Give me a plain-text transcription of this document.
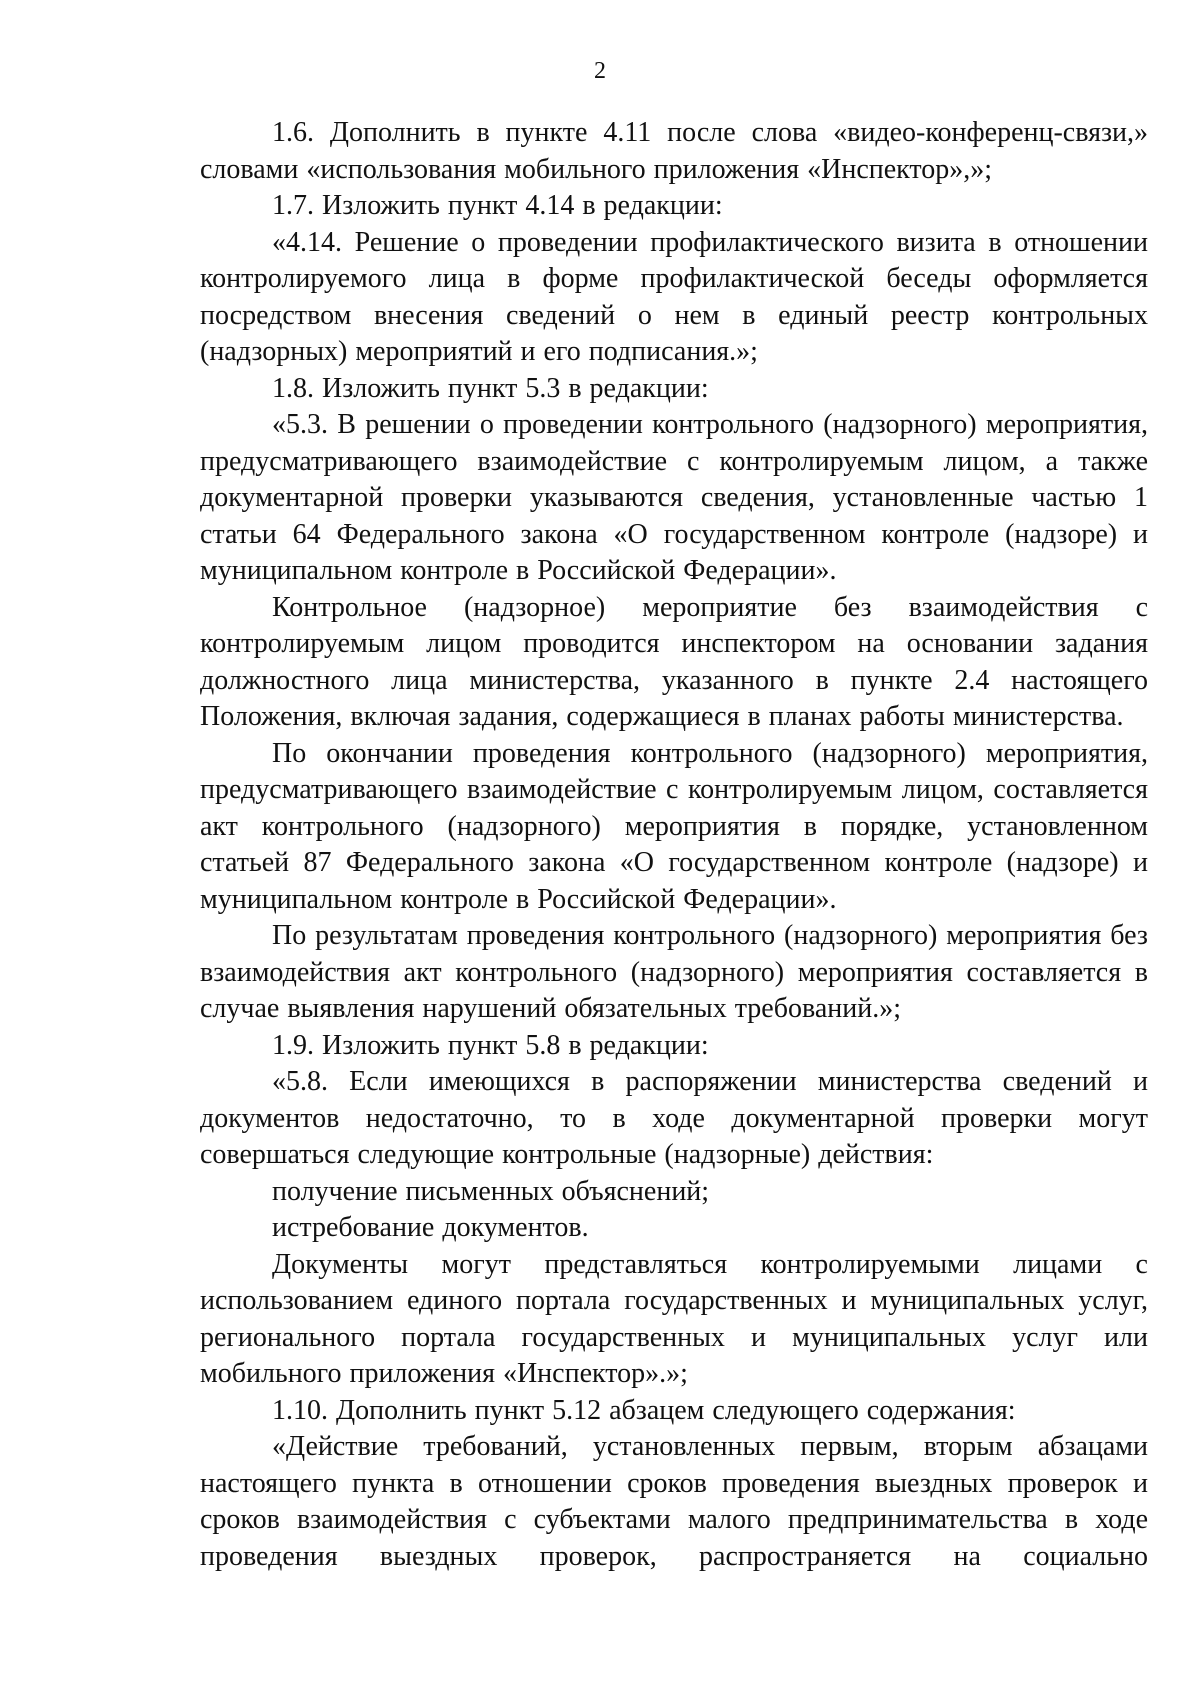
2

1.6. Дополнить в пункте 4.11 после слова «видео-конференц-связи,» словами «использования мобильного приложения «Инспектор»,»;

1.7. Изложить пункт 4.14 в редакции:

«4.14. Решение о проведении профилактического визита в отношении контролируемого лица в форме профилактической беседы оформляется посредством внесения сведений о нем в единый реестр контрольных (надзорных) мероприятий и его подписания.»;

1.8. Изложить пункт 5.3 в редакции:

«5.3. В решении о проведении контрольного (надзорного) мероприятия, предусматривающего взаимодействие с контролируемым лицом, а также документарной проверки указываются сведения, установленные частью 1 статьи 64 Федерального закона «О государственном контроле (надзоре) и муниципальном контроле в Российской Федерации».

Контрольное (надзорное) мероприятие без взаимодействия с контролируемым лицом проводится инспектором на основании задания должностного лица министерства, указанного в пункте 2.4 настоящего Положения, включая задания, содержащиеся в планах работы министерства.

По окончании проведения контрольного (надзорного) мероприятия, предусматривающего взаимодействие с контролируемым лицом, составляется акт контрольного (надзорного) мероприятия в порядке, установленном статьей 87 Федерального закона «О государственном контроле (надзоре) и муниципальном контроле в Российской Федерации».

По результатам проведения контрольного (надзорного) мероприятия без взаимодействия акт контрольного (надзорного) мероприятия составляется в случае выявления нарушений обязательных требований.»;

1.9. Изложить пункт 5.8 в редакции:

«5.8. Если имеющихся в распоряжении министерства сведений и документов недостаточно, то в ходе документарной проверки могут совершаться следующие контрольные (надзорные) действия:

получение письменных объяснений;

истребование документов.

Документы могут представляться контролируемыми лицами с использованием единого портала государственных и муниципальных услуг, регионального портала государственных и муниципальных услуг или мобильного приложения «Инспектор».»;

1.10. Дополнить пункт 5.12 абзацем следующего содержания:

«Действие требований, установленных первым, вторым абзацами настоящего пункта в отношении сроков проведения выездных проверок и сроков взаимодействия с субъектами малого предпринимательства в ходе проведения выездных проверок, распространяется на социально
